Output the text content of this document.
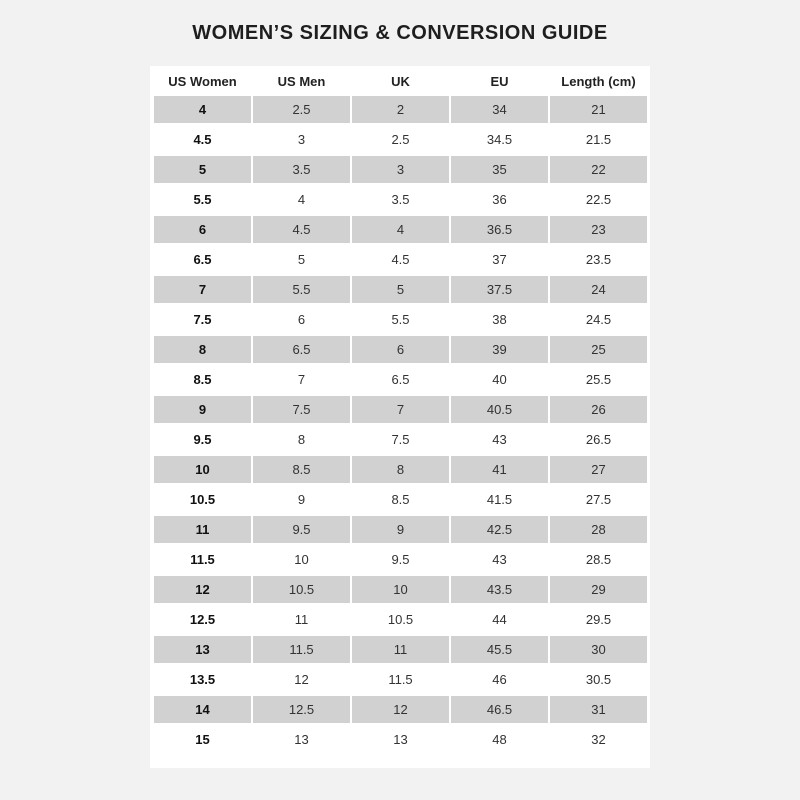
WOMEN’S SIZING & CONVERSION GUIDE
US Women	US Men	UK	EU	Length (cm)
4	2.5	2	34	21
4.5	3	2.5	34.5	21.5
5	3.5	3	35	22
5.5	4	3.5	36	22.5
6	4.5	4	36.5	23
6.5	5	4.5	37	23.5
7	5.5	5	37.5	24
7.5	6	5.5	38	24.5
8	6.5	6	39	25
8.5	7	6.5	40	25.5
9	7.5	7	40.5	26
9.5	8	7.5	43	26.5
10	8.5	8	41	27
10.5	9	8.5	41.5	27.5
11	9.5	9	42.5	28
11.5	10	9.5	43	28.5
12	10.5	10	43.5	29
12.5	11	10.5	44	29.5
13	11.5	11	45.5	30
13.5	12	11.5	46	30.5
14	12.5	12	46.5	31
15	13	13	48	32
